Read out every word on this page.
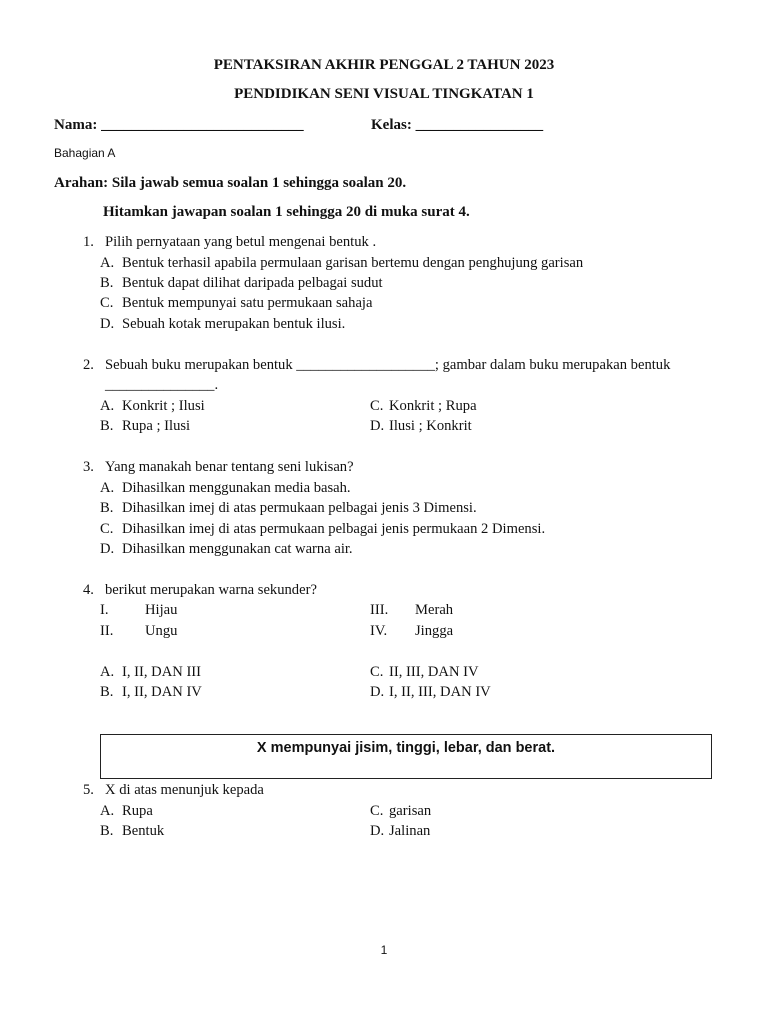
PENTAKSIRAN AKHIR PENGGAL 2 TAHUN 2023
PENDIDIKAN SENI VISUAL TINGKATAN 1
Nama: ___________________________	Kelas: _________________
Bahagian A
Arahan: Sila jawab semua soalan 1 sehingga soalan 20.
Hitamkan jawapan soalan 1 sehingga 20 di muka surat 4.
1. Pilih pernyataan yang betul mengenai bentuk .
A. Bentuk terhasil apabila permulaan garisan bertemu dengan penghujung garisan
B. Bentuk dapat dilihat daripada pelbagai sudut
C. Bentuk mempunyai satu permukaan sahaja
D. Sebuah kotak merupakan bentuk ilusi.
2. Sebuah buku merupakan bentuk ___________________; gambar dalam buku merupakan bentuk
_______________.
A. Konkrit ; Ilusi	C. Konkrit ; Rupa
B. Rupa ; Ilusi	D. Ilusi ; Konkrit
3. Yang manakah benar tentang seni lukisan?
A. Dihasilkan menggunakan media basah.
B. Dihasilkan imej di atas permukaan pelbagai jenis 3 Dimensi.
C. Dihasilkan imej di atas permukaan pelbagai jenis permukaan 2 Dimensi.
D. Dihasilkan menggunakan cat warna air.
4. berikut merupakan warna sekunder?
I. Hijau	III. Merah
II. Ungu	IV. Jingga
A. I, II, DAN III	C. II, III, DAN IV
B. I, II, DAN IV	D. I, II, III, DAN IV
X mempunyai jisim, tinggi, lebar, dan berat.
5. X di atas menunjuk kepada
A. Rupa	C. garisan
B. Bentuk	D. Jalinan
1
